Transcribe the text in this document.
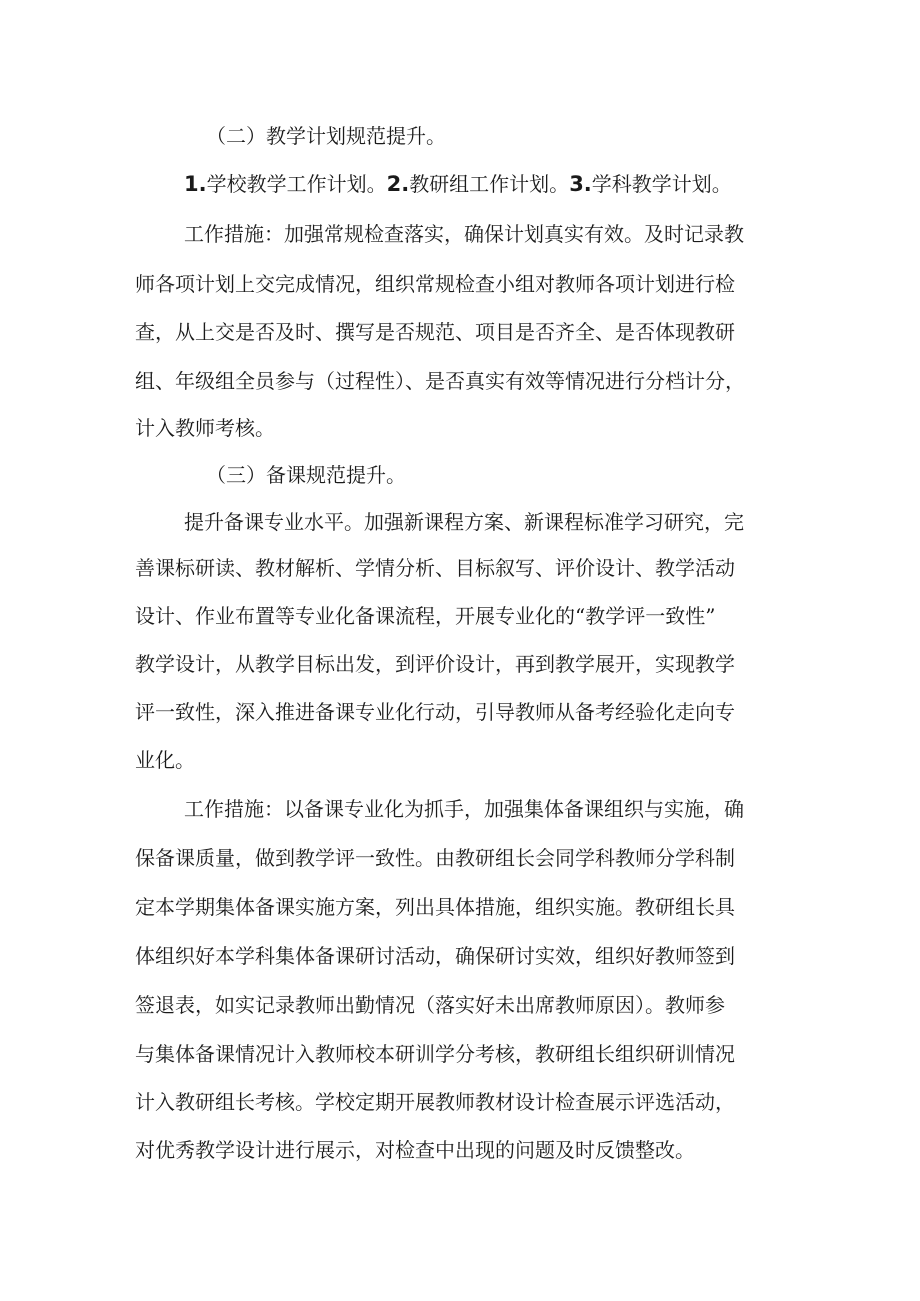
（二）教学计划规范提升。
1.学校教学工作计划。2.教研组工作计划。3.学科教学计划。
工作措施：加强常规检查落实，确保计划真实有效。及时记录教
师各项计划上交完成情况，组织常规检查小组对教师各项计划进行检
查，从上交是否及时、撰写是否规范、项目是否齐全、是否体现教研
组、年级组全员参与（过程性）、是否真实有效等情况进行分档计分，
计入教师考核。
（三）备课规范提升。
提升备课专业水平。加强新课程方案、新课程标准学习研究，完
善课标研读、教材解析、学情分析、目标叙写、评价设计、教学活动
设计、作业布置等专业化备课流程，开展专业化的“教学评一致性”
教学设计，从教学目标出发，到评价设计，再到教学展开，实现教学
评一致性，深入推进备课专业化行动，引导教师从备考经验化走向专
业化。
工作措施：以备课专业化为抓手，加强集体备课组织与实施，确
保备课质量，做到教学评一致性。由教研组长会同学科教师分学科制
定本学期集体备课实施方案，列出具体措施，组织实施。教研组长具
体组织好本学科集体备课研讨活动，确保研讨实效，组织好教师签到
签退表，如实记录教师出勤情况（落实好未出席教师原因）。教师参
与集体备课情况计入教师校本研训学分考核，教研组长组织研训情况
计入教研组长考核。学校定期开展教师教材设计检查展示评选活动，
对优秀教学设计进行展示，对检查中出现的问题及时反馈整改。
